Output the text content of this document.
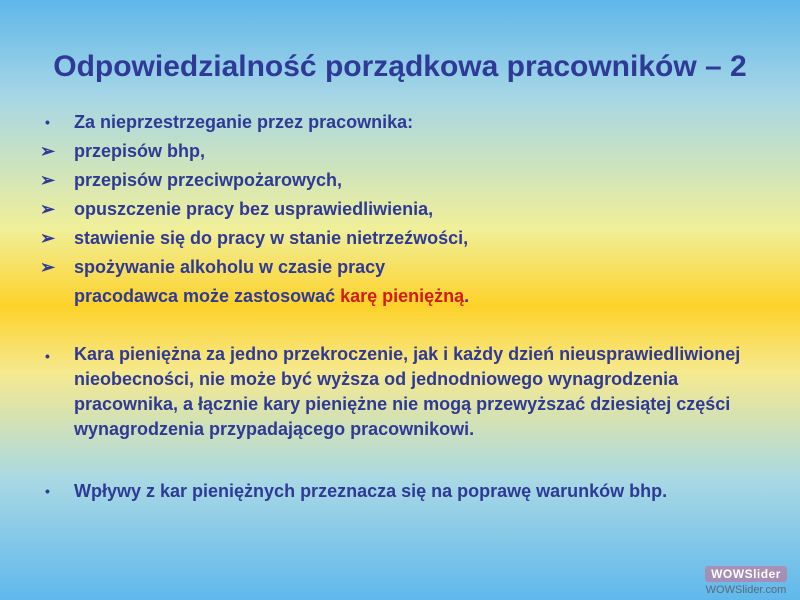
Odpowiedzialność porządkowa pracowników – 2
•	Za nieprzestrzeganie przez pracownika:
➢	przepisów bhp,
➢	przepisów przeciwpożarowych,
➢	opuszczenie pracy bez usprawiedliwienia,
➢	stawienie się do pracy w stanie nietrzeźwości,
➢	spożywanie alkoholu w czasie pracy
pracodawca może zastosować karę pieniężną.
•	Kara pieniężna za jedno przekroczenie, jak i każdy dzień nieusprawiedliwionej nieobecności, nie może być wyższa od jednodniowego wynagrodzenia pracownika, a łącznie kary pieniężne nie mogą przewyższać dziesiątej części wynagrodzenia przypadającego pracownikowi.
•	Wpływy z kar pieniężnych przeznacza się na poprawę warunków bhp.
WOWSlider
WOWSlider.com
